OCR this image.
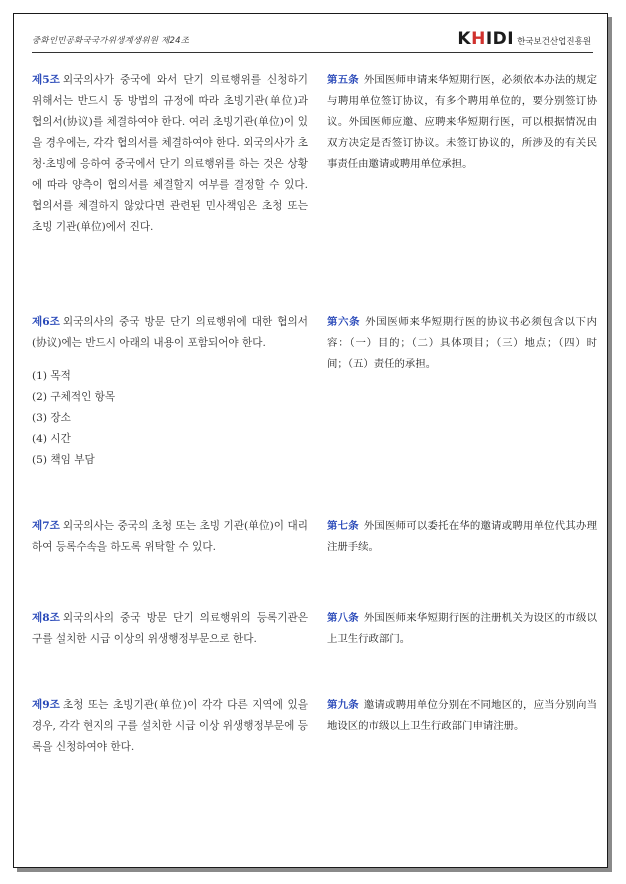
중화인민공화국국가위생계생위원 제24조	KHIDI 한국보건산업진흥원
제5조 외국의사가 중국에 와서 단기 의료행위를 신청하기 위해서는 반드시 동 방법의 규정에 따라 초빙기관(单位)과 협의서(协议)를 체결하여야 한다. 여러 초빙기관(单位)이 있을 경우에는, 각각 협의서를 체결하여야 한다. 외국의사가 초청·초빙에 응하여 중국에서 단기 의료행위를 하는 것은 상황에 따라 양측이 협의서를 체결할지 여부를 결정할 수 있다. 협의서를 체결하지 않았다면 관련된 민사책임은 초청 또는 초빙 기관(单位)에서 진다.
第五条 外国医师申请来华短期行医，必须依本办法的规定与聘用单位签订协议，有多个聘用单位的，要分别签订协议。外国医师应邀、应聘来华短期行医，可以根据情况由双方决定是否签订协议。未签订协议的，所涉及的有关民事责任由邀请或聘用单位承担。
제6조 외국의사의 중국 방문 단기 의료행위에 대한 협의서(协议)에는 반드시 아래의 내용이 포함되어야 한다.
(1) 목적
(2) 구체적인 항목
(3) 장소
(4) 시간
(5) 책임 부담
第六条 外国医师来华短期行医的协议书必须包含以下内容：（一）目的；（二）具体项目；（三）地点；（四）时间；（五）责任的承担。
제7조 외국의사는 중국의 초청 또는 초빙 기관(单位)이 대리하여 등록수속을 하도록 위탁할 수 있다.
第七条 外国医师可以委托在华的邀请或聘用单位代其办理注册手续。
제8조 외국의사의 중국 방문 단기 의료행위의 등록기관은 구를 설치한 시급 이상의 위생행정부문으로 한다.
第八条 外国医师来华短期行医的注册机关为设区的市级以上卫生行政部门。
제9조 초청 또는 초빙기관(单位)이 각각 다른 지역에 있을 경우, 각각 현지의 구를 설치한 시급 이상 위생행정부문에 등록을 신청하여야 한다.
第九条 邀请或聘用单位分别在不同地区的，应当分别向当地设区的市级以上卫生行政部门申请注册。
